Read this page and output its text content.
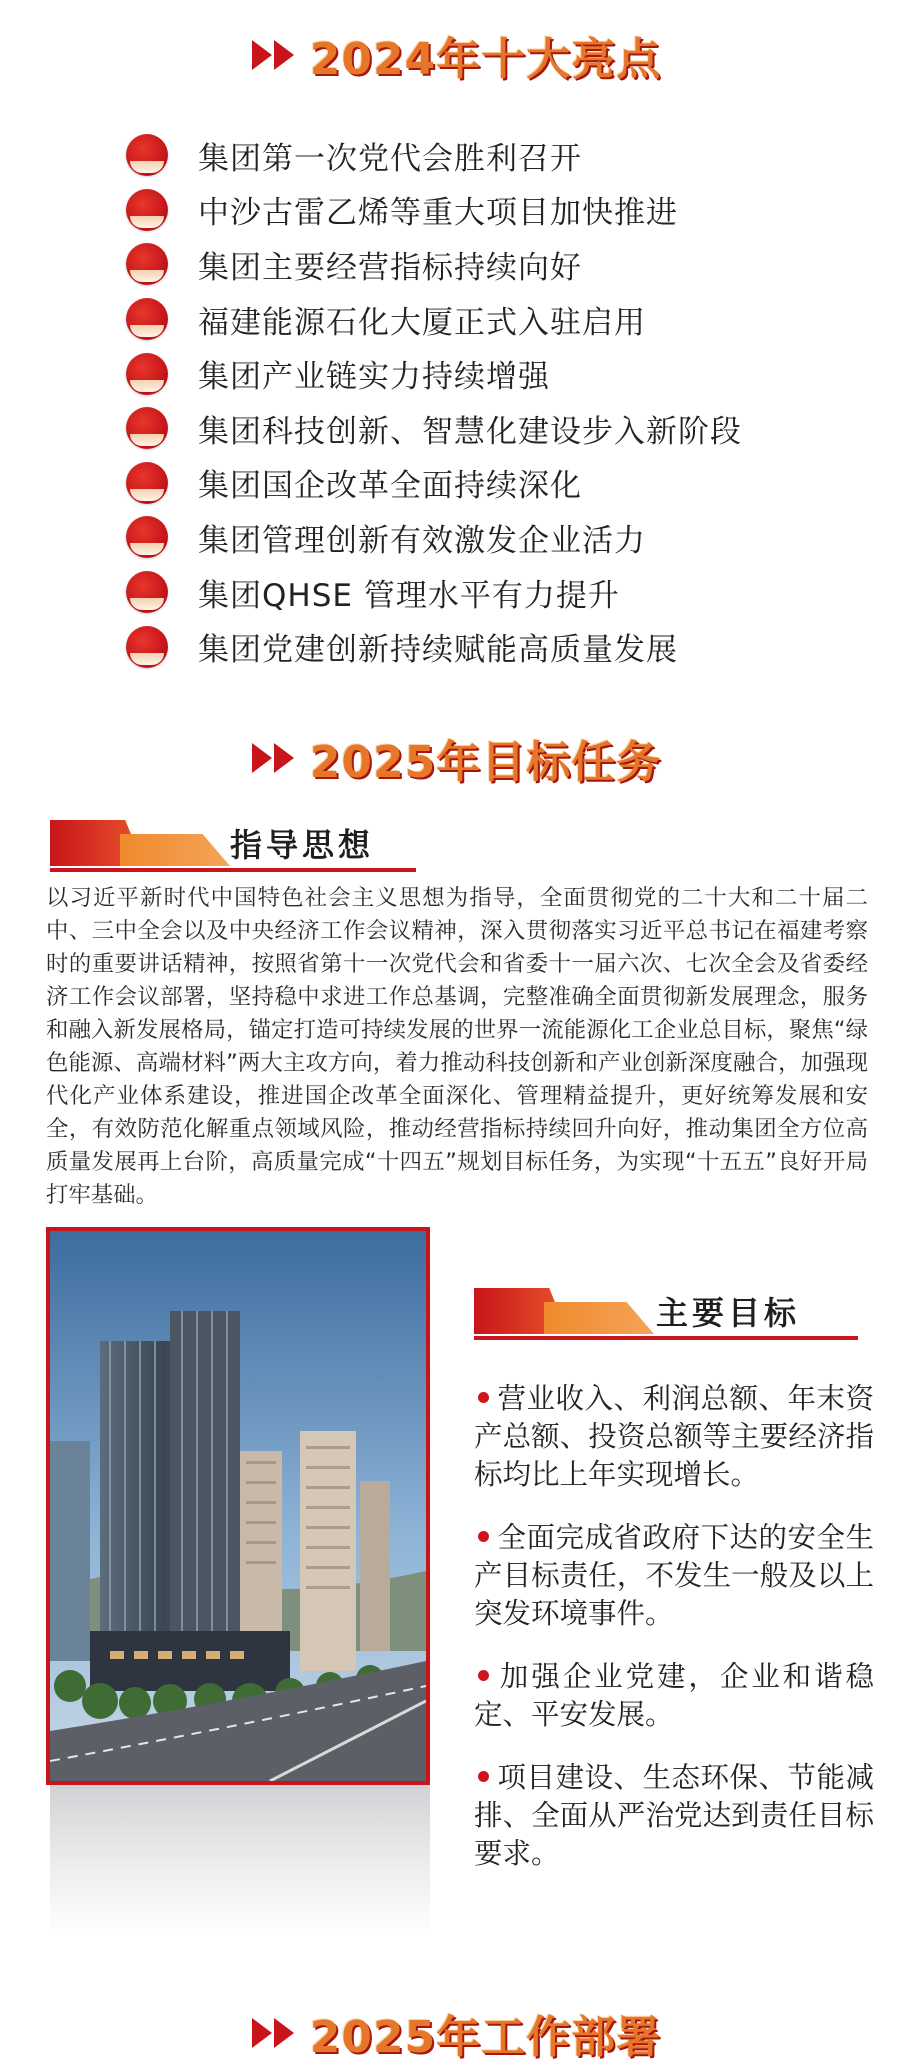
2024年十大亮点
集团第一次党代会胜利召开
中沙古雷乙烯等重大项目加快推进
集团主要经营指标持续向好
福建能源石化大厦正式入驻启用
集团产业链实力持续增强
集团科技创新、智慧化建设步入新阶段
集团国企改革全面持续深化
集团管理创新有效激发企业活力
集团QHSE 管理水平有力提升
集团党建创新持续赋能高质量发展
2025年目标任务
指导思想

以习近平新时代中国特色社会主义思想为指导，全面贯彻党的二十大和二十届二中、三中全会以及中央经济工作会议精神，深入贯彻落实习近平总书记在福建考察时的重要讲话精神，按照省第十一次党代会和省委十一届六次、七次全会及省委经济工作会议部署，坚持稳中求进工作总基调，完整准确全面贯彻新发展理念，服务和融入新发展格局，锚定打造可持续发展的世界一流能源化工企业总目标，聚焦“绿色能源、高端材料”两大主攻方向，着力推动科技创新和产业创新深度融合，加强现代化产业体系建设，推进国企改革全面深化、管理精益提升，更好统筹发展和安全，有效防范化解重点领域风险，推动经营指标持续回升向好，推动集团全方位高质量发展再上台阶，高质量完成“十四五”规划目标任务，为实现“十五五”良好开局打牢基础。

主要目标
营业收入、利润总额、年末资产总额、投资总额等主要经济指标均比上年实现增长。
全面完成省政府下达的安全生产目标责任，不发生一般及以上突发环境事件。
加强企业党建，企业和谐稳定、平安发展。
项目建设、生态环保、节能减排、全面从严治党达到责任目标要求。
2025年工作部署
